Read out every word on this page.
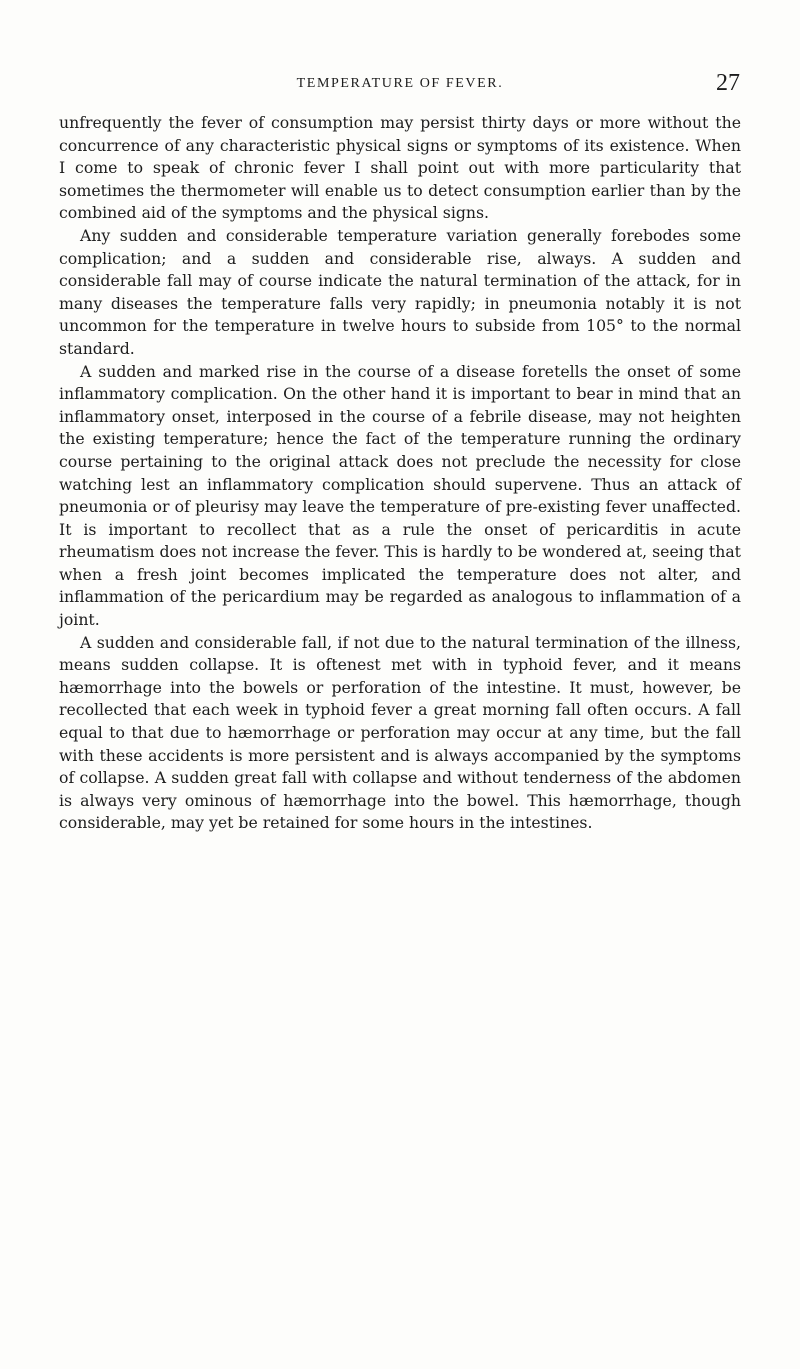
TEMPERATURE OF FEVER.	27

unfrequently the fever of consumption may persist thirty days or more without the concurrence of any characteristic physical signs or symptoms of its existence. When I come to speak of chronic fever I shall point out with more particularity that sometimes the thermometer will enable us to detect consumption earlier than by the combined aid of the symptoms and the physical signs.

Any sudden and considerable temperature variation generally forebodes some complication; and a sudden and considerable rise, always. A sudden and considerable fall may of course indicate the natural termination of the attack, for in many diseases the temperature falls very rapidly; in pneumonia notably it is not uncommon for the temperature in twelve hours to subside from 105° to the normal standard.

A sudden and marked rise in the course of a disease foretells the onset of some inflammatory complication. On the other hand it is important to bear in mind that an inflammatory onset, interposed in the course of a febrile disease, may not heighten the existing temperature; hence the fact of the temperature running the ordinary course pertaining to the original attack does not preclude the necessity for close watching lest an inflammatory complication should supervene. Thus an attack of pneumonia or of pleurisy may leave the temperature of pre-existing fever unaffected. It is important to recollect that as a rule the onset of pericarditis in acute rheumatism does not increase the fever. This is hardly to be wondered at, seeing that when a fresh joint becomes implicated the temperature does not alter, and inflammation of the pericardium may be regarded as analogous to inflammation of a joint.

A sudden and considerable fall, if not due to the natural termination of the illness, means sudden collapse. It is oftenest met with in typhoid fever, and it means hæmorrhage into the bowels or perforation of the intestine. It must, however, be recollected that each week in typhoid fever a great morning fall often occurs. A fall equal to that due to hæmorrhage or perforation may occur at any time, but the fall with these accidents is more persistent and is always accompanied by the symptoms of collapse. A sudden great fall with collapse and without tenderness of the abdomen is always very ominous of hæmorrhage into the bowel. This hæmorrhage, though considerable, may yet be retained for some hours in the intestines.
